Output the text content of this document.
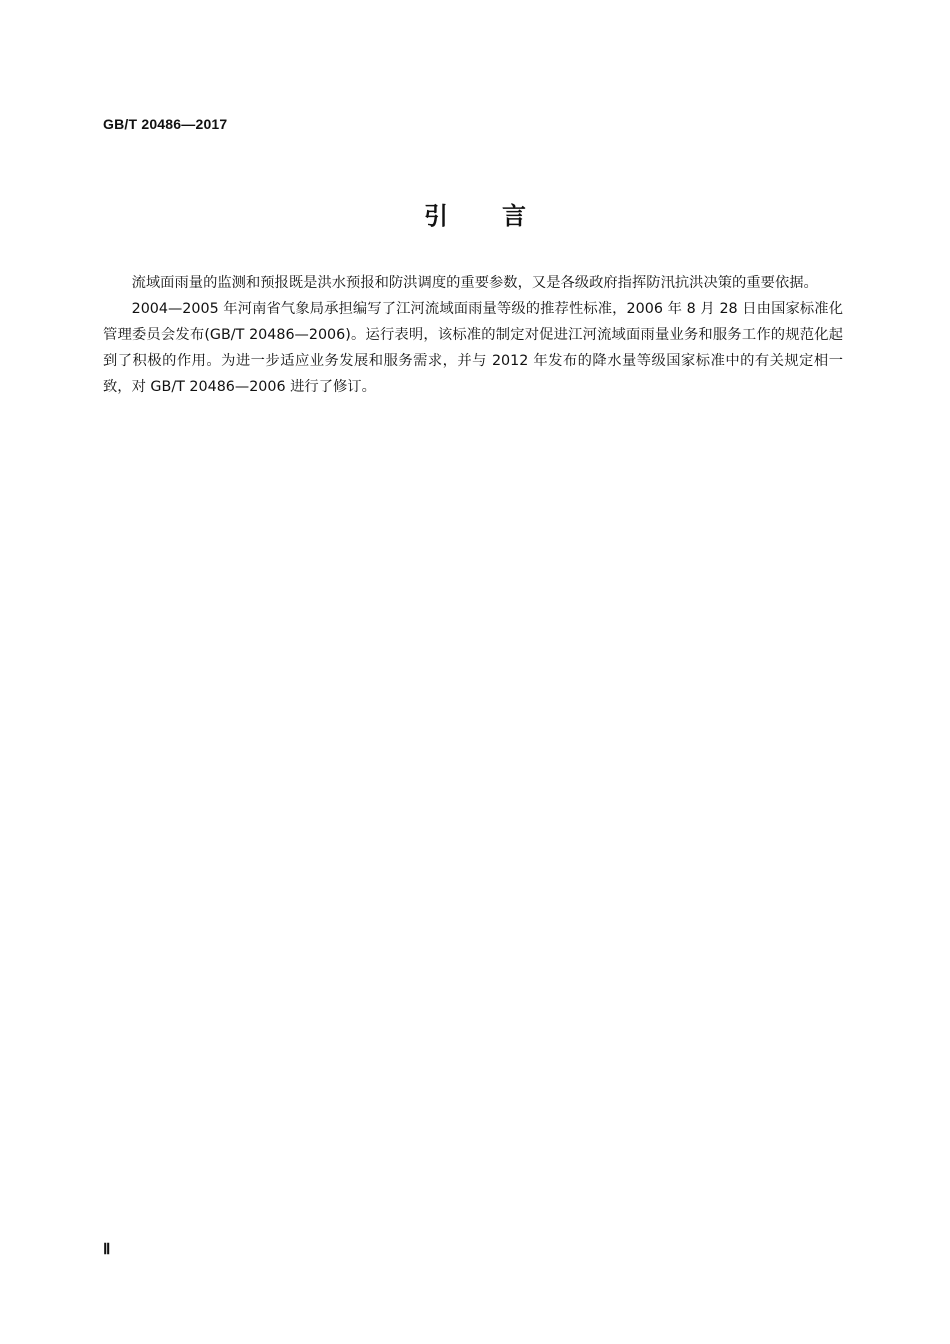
GB/T 20486—2017
引 言

流域面雨量的监测和预报既是洪水预报和防洪调度的重要参数，又是各级政府指挥防汛抗洪决策的重要依据。

2004—2005 年河南省气象局承担编写了江河流域面雨量等级的推荐性标准，2006 年 8 月 28 日由国家标准化管理委员会发布(GB/T 20486—2006)。运行表明，该标准的制定对促进江河流域面雨量业务和服务工作的规范化起到了积极的作用。为进一步适应业务发展和服务需求，并与 2012 年发布的降水量等级国家标准中的有关规定相一致，对 GB/T 20486—2006 进行了修订。

Ⅱ
